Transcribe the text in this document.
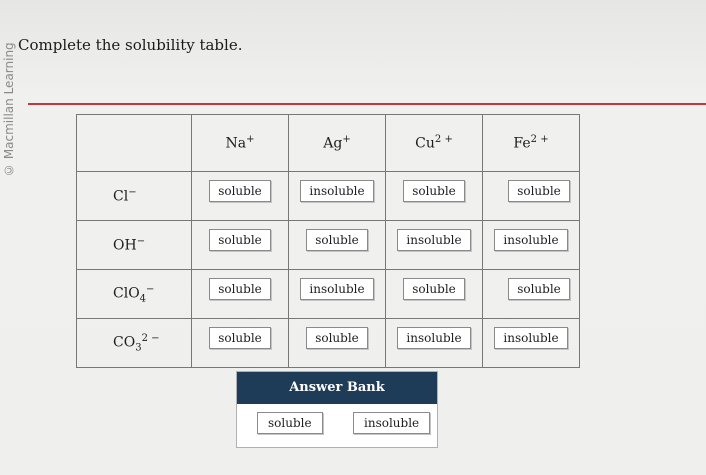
© Macmillan Learning Complete the solubility table.
	Na+	Ag+	$Cu^{2 +}$	$Fe^{2 +}$
Cl−	soluble	insoluble	soluble	soluble
OH−	soluble	soluble	insoluble	insoluble
ClO$_4$−	soluble	insoluble	soluble	soluble
$CO_3^{2 -}$	soluble	soluble	insoluble	insoluble
Answer Bank
soluble	insoluble
